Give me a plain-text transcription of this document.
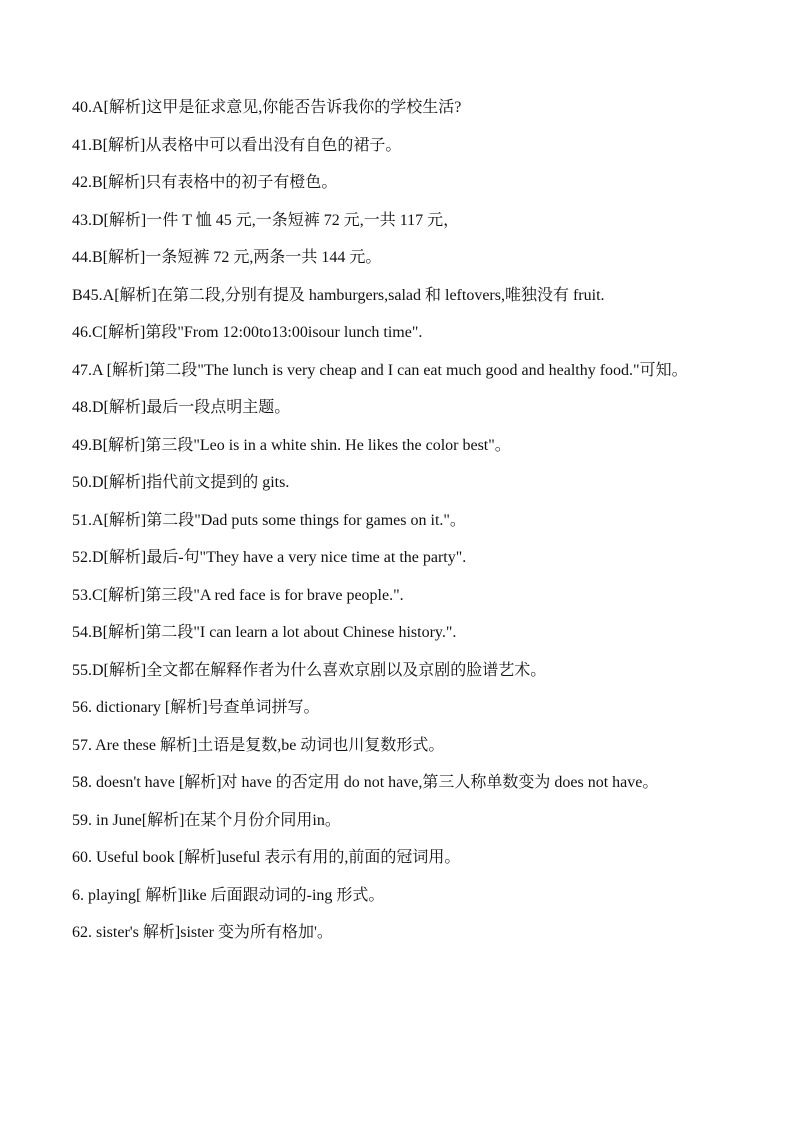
40.A[解析]这甲是征求意见,你能否告诉我你的学校生活?
41.B[解析]从表格中可以看出没有自色的裙子。
42.B[解析]只有表格中的初子有橙色。
43.D[解析]一件 T 恤 45 元,一条短裤 72 元,一共 117 元，
44.B[解析]一条短裤 72 元,两条一共 144 元。
B45.A[解析]在第二段,分别有提及 hamburgers,salad 和 leftovers,唯独没有 fruit.
46.C[解析]第段"From 12:00to13:00isour lunch time".
47.A [解析]第二段"The lunch is very cheap and I can eat much good and healthy food."可知。
48.D[解析]最后一段点明主题。
49.B[解析]第三段"Leo is in a white shin. He likes the color best"。
50.D[解析]指代前文提到的 gits.
51.A[解析]第二段"Dad puts some things for games on it."。
52.D[解析]最后-句"They have a very nice time at the party".
53.C[解析]第三段"A red face is for brave people.".
54.B[解析]第二段"I can learn a lot about Chinese history.".
55.D[解析]全文都在解释作者为什么喜欢京剧以及京剧的脸谱艺术。
56. dictionary [解析]号查单词拼写。
57. Are these 解析]土语是复数,be 动词也川复数形式。
58. doesn't have [解析]对 have 的否定用 do not have,第三人称单数变为 does not have。
59. in June[解析]在某个月份介同用in。
60. Useful book [解析]useful 表示有用的,前面的冠词用。
6. playing[ 解析]like 后面跟动词的-ing 形式。
62. sister's 解析]sister 变为所有格加'。
